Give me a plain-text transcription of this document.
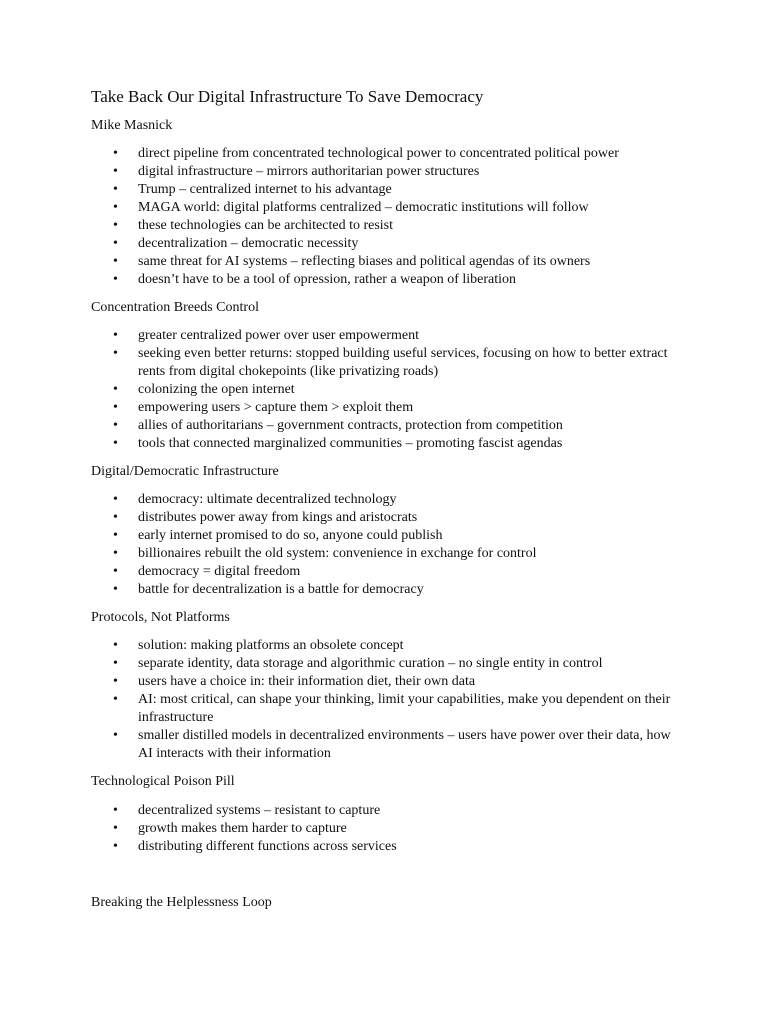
Take Back Our Digital Infrastructure To Save Democracy
Mike Masnick
• direct pipeline from concentrated technological power to concentrated political power
• digital infrastructure – mirrors authoritarian power structures
• Trump – centralized internet to his advantage
• MAGA world: digital platforms centralized – democratic institutions will follow
• these technologies can be architected to resist
• decentralization – democratic necessity
• same threat for AI systems – reflecting biases and political agendas of its owners
• doesn’t have to be a tool of opression, rather a weapon of liberation
Concentration Breeds Control
• greater centralized power over user empowerment
• seeking even better returns: stopped building useful services, focusing on how to better extract rents from digital chokepoints (like privatizing roads)
• colonizing the open internet
• empowering users > capture them > exploit them
• allies of authoritarians – government contracts, protection from competition
• tools that connected marginalized communities – promoting fascist agendas
Digital/Democratic Infrastructure
• democracy: ultimate decentralized technology
• distributes power away from kings and aristocrats
• early internet promised to do so, anyone could publish
• billionaires rebuilt the old system: convenience in exchange for control
• democracy = digital freedom
• battle for decentralization is a battle for democracy
Protocols, Not Platforms
• solution: making platforms an obsolete concept
• separate identity, data storage and algorithmic curation – no single entity in control
• users have a choice in: their information diet, their own data
• AI: most critical, can shape your thinking, limit your capabilities, make you dependent on their infrastructure
• smaller distilled models in decentralized environments – users have power over their data, how AI interacts with their information
Technological Poison Pill
• decentralized systems – resistant to capture
• growth makes them harder to capture
• distributing different functions across services
Breaking the Helplessness Loop
